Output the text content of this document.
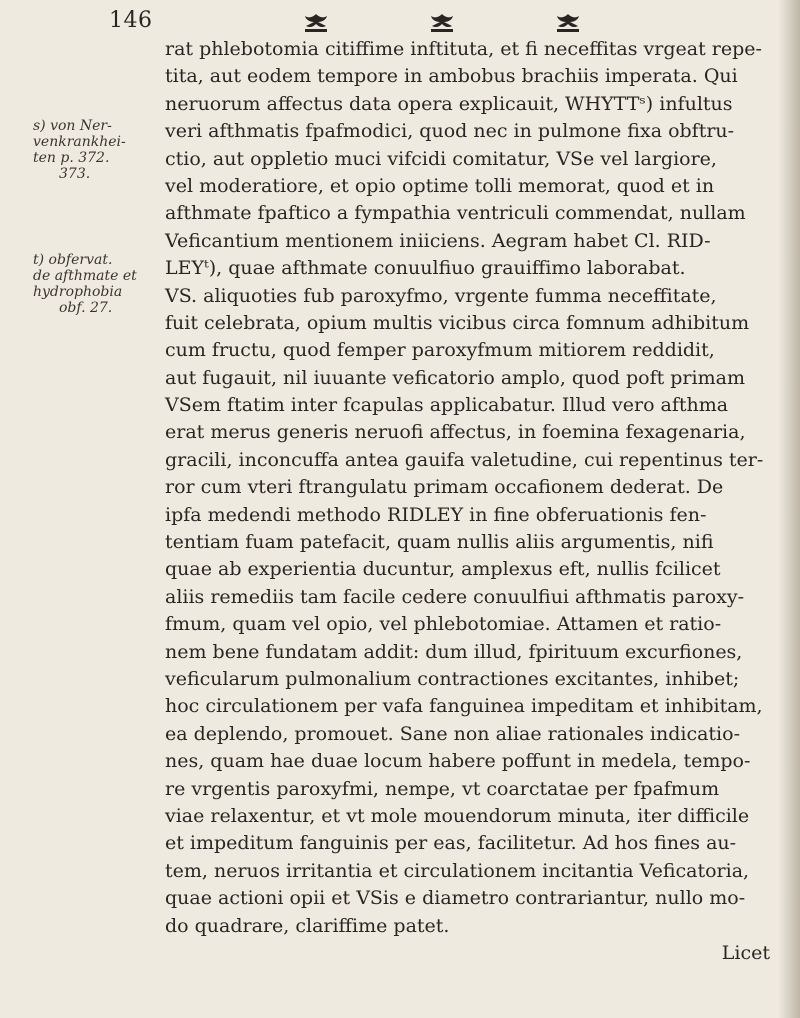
146
s) von Ner-
venkrankhei-
ten p. 372.
373.
t) obfervat.
de afthmate et
hydrophobia
obf. 27.
rat phlebotomia citiffime inftituta, et fi neceffitas vrgeat repe-
tita, aut eodem tempore in ambobus brachiis imperata. Qui
neruorum affectus data opera explicauit, WHYTTˢ) infultus
veri afthmatis fpafmodici, quod nec in pulmone fixa obftru-
ctio, aut oppletio muci vifcidi comitatur, VSe vel largiore,
vel moderatiore, et opio optime tolli memorat, quod et in
afthmate fpaftico a fympathia ventriculi commendat, nullam
Veficantium mentionem iniiciens. Aegram habet Cl. RID-
LEYᵗ), quae afthmate conuulfiuo grauiffimo laborabat.
VS. aliquoties fub paroxyfmo, vrgente fumma neceffitate,
fuit celebrata, opium multis vicibus circa fomnum adhibitum
cum fructu, quod femper paroxyfmum mitiorem reddidit,
aut fugauit, nil iuuante veficatorio amplo, quod poft primam
VSem ftatim inter fcapulas applicabatur. Illud vero afthma
erat merus generis neruofi affectus, in foemina fexagenaria,
gracili, inconcuffa antea gauifa valetudine, cui repentinus ter-
ror cum vteri ftrangulatu primam occafionem dederat. De
ipfa medendi methodo RIDLEY in fine obferuationis fen-
tentiam fuam patefacit, quam nullis aliis argumentis, nifi
quae ab experientia ducuntur, amplexus eft, nullis fcilicet
aliis remediis tam facile cedere conuulfiui afthmatis paroxy-
fmum, quam vel opio, vel phlebotomiae. Attamen et ratio-
nem bene fundatam addit: dum illud, fpirituum excurfiones,
veficularum pulmonalium contractiones excitantes, inhibet;
hoc circulationem per vafa fanguinea impeditam et inhibitam,
ea deplendo, promouet. Sane non aliae rationales indicatio-
nes, quam hae duae locum habere poffunt in medela, tempo-
re vrgentis paroxyfmi, nempe, vt coarctatae per fpafmum
viae relaxentur, et vt mole mouendorum minuta, iter difficile
et impeditum fanguinis per eas, facilitetur. Ad hos fines au-
tem, neruos irritantia et circulationem incitantia Veficatoria,
quae actioni opii et VSis e diametro contrariantur, nullo mo-
do quadrare, clariffime patet.
Licet
